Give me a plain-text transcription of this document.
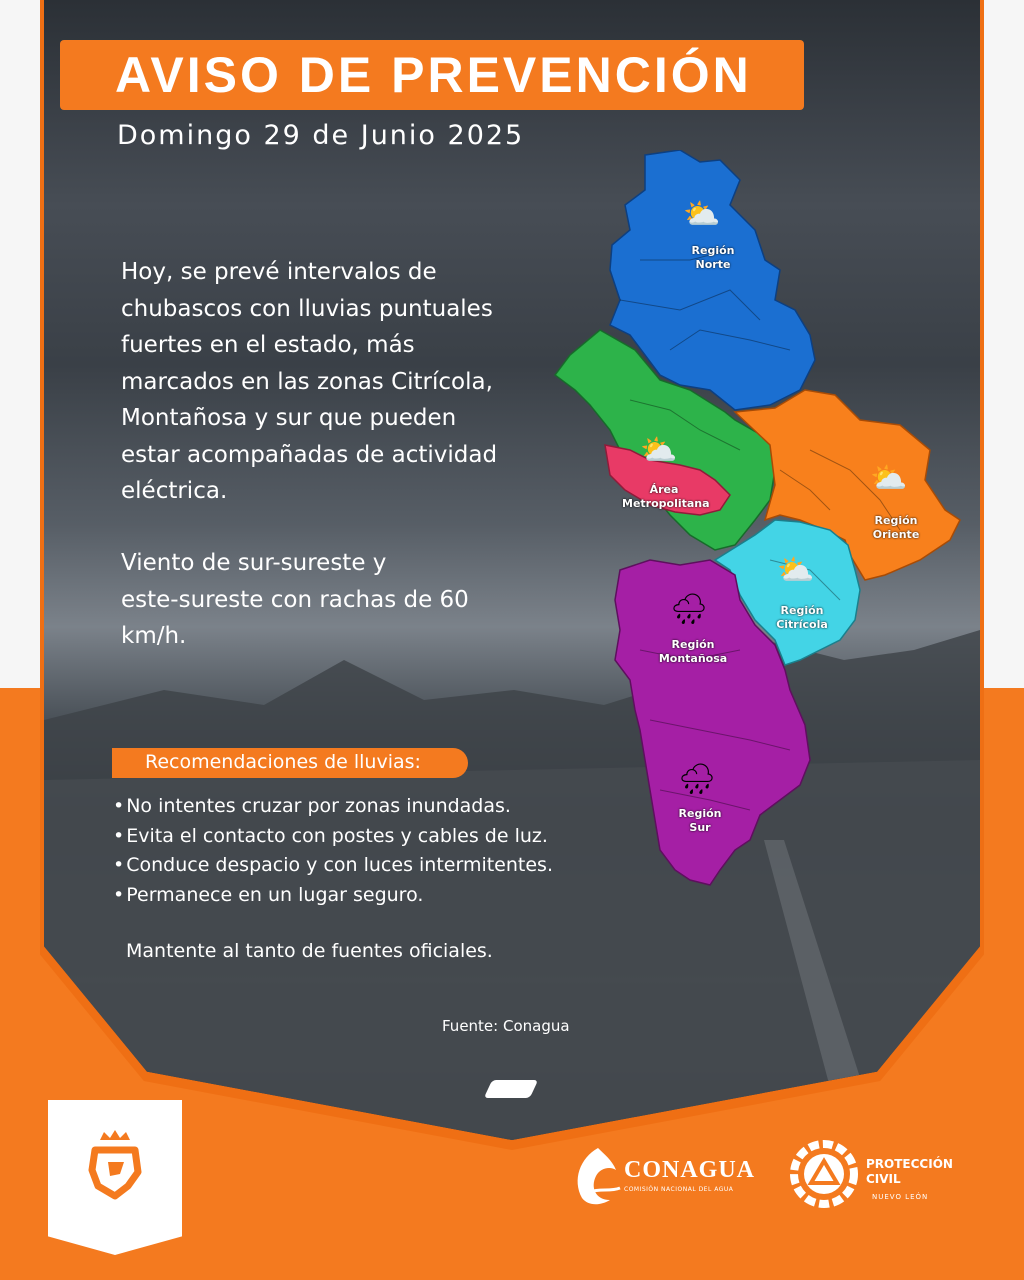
AVISO DE PREVENCIÓN
Domingo 29 de Junio 2025
Hoy, se prevé intervalos de
chubascos con lluvias puntuales
fuertes en el estado, más
marcados en las zonas Citrícola,
Montañosa y sur que pueden
estar acompañadas de actividad
eléctrica.
Viento de sur-sureste y
este-sureste con rachas de 60
km/h.
⛅
Región
Norte
⛅
Área
Metropolitana
⛅
Región
Oriente
⛅
Región
Citrícola
🌧
Región
Montañosa
🌧
Región
Sur
Recomendaciones de lluvias:
• No intentes cruzar por zonas inundadas.
• Evita el contacto con postes y cables de luz.
• Conduce despacio y con luces intermitentes.
• Permanece en un lugar seguro.
Mantente al tanto de fuentes oficiales.
Fuente: Conagua
CONAGUA
COMISIÓN NACIONAL DEL AGUA
PROTECCIÓN
CIVIL
NUEVO LEÓN
